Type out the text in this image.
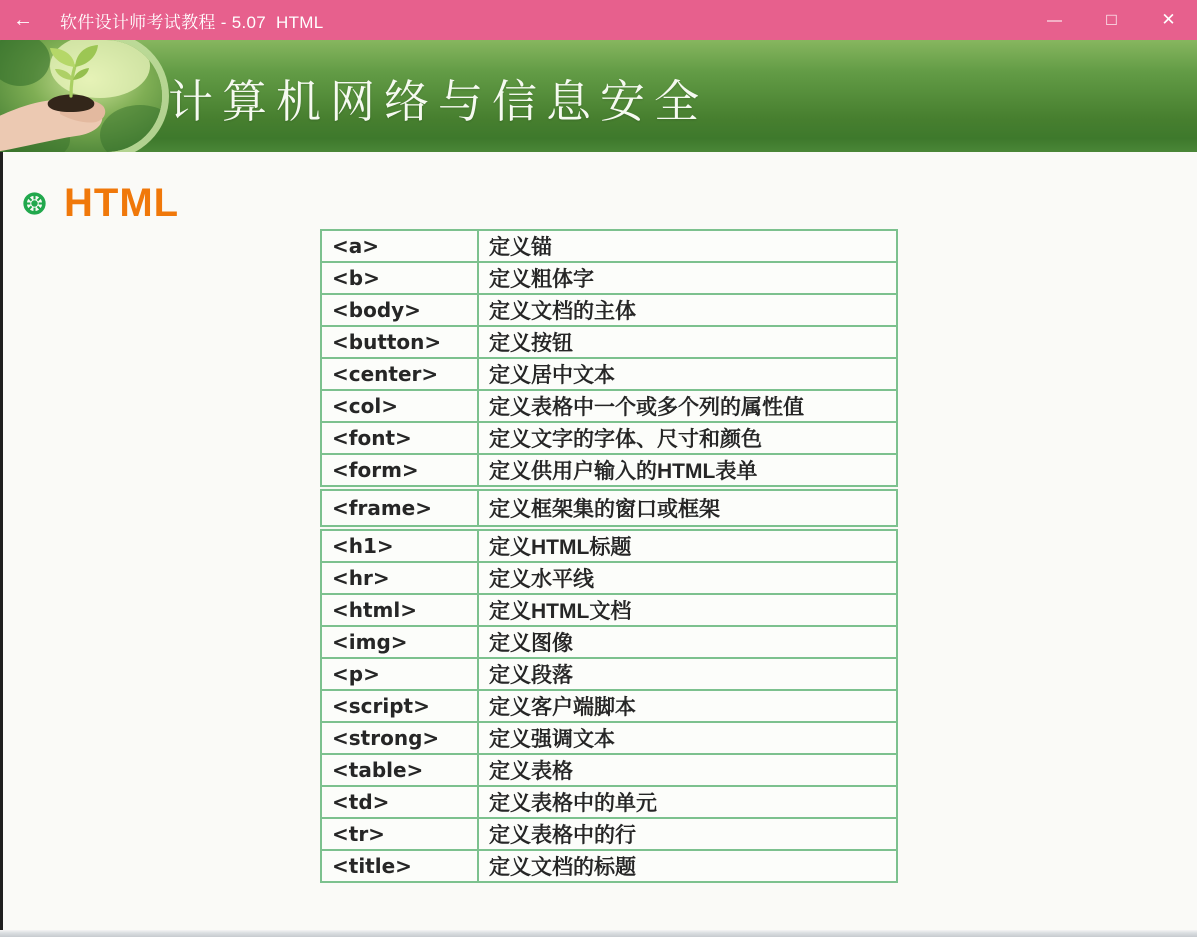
← 软件设计师考试教程 - 5.07  HTML	—	□	✕
计算机网络与信息安全
HTML
<a>	定义锚
<b>	定义粗体字
<body>	定义文档的主体
<button>	定义按钮
<center>	定义居中文本
<col>	定义表格中一个或多个列的属性值
<font>	定义文字的字体、尺寸和颜色
<form>	定义供用户输入的HTML表单
<frame>	定义框架集的窗口或框架
<h1>	定义HTML标题
<hr>	定义水平线
<html>	定义HTML文档
<img>	定义图像
<p>	定义段落
<script>	定义客户端脚本
<strong>	定义强调文本
<table>	定义表格
<td>	定义表格中的单元
<tr>	定义表格中的行
<title>	定义文档的标题
